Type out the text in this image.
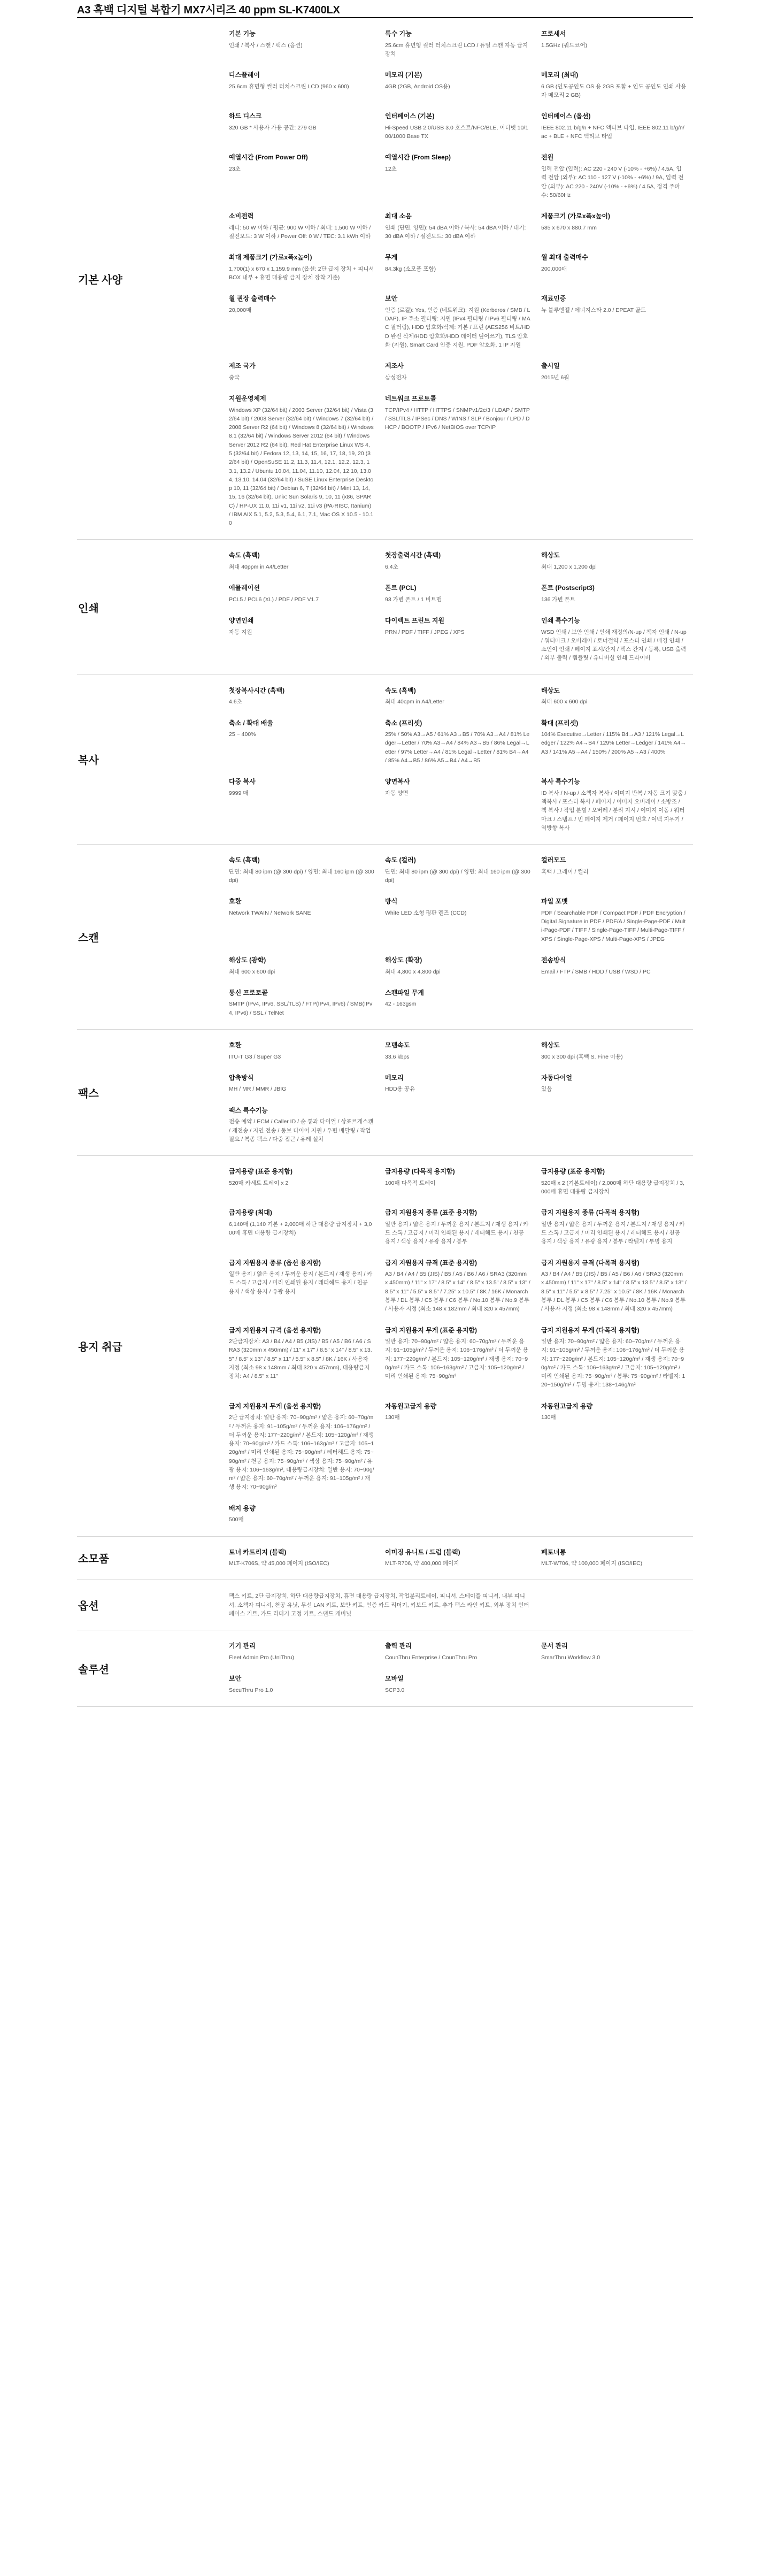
A3 흑백 디지털 복합기 MX7시리즈 40 ppm SL-K7400LX
기본 사양
기본 기능
인쇄 / 복사 / 스캔 / 팩스 (옵션)
특수 기능
25.6cm 휴면형 컬러 터치스크린 LCD / 듀얼 스캔 자동 급지 장치
프로세서
1.5GHz (쿼드코어)
디스플레이
25.6cm 휴면형 컬러 터치스크린 LCD (960 x 600)
메모리 (기본)
4GB (2GB, Android OS용)
메모리 (최대)
6 GB (인도공인도 OS 용 2GB 포함 + 인도 공인도 인쇄 사용자 메모리 2 GB)
하드 디스크
320 GB * 사용자 가용 공간: 279 GB
인터페이스 (기본)
Hi-Speed USB 2.0/USB 3.0 호스트/NFC/BLE, 이더넷 10/100/1000 Base TX
인터페이스 (옵션)
IEEE 802.11 b/g/n + NFC 액티브 타입, IEEE 802.11 b/g/n/ac + BLE + NFC 액티브 타입
예열시간 (From Power Off)
23초
예열시간 (From Sleep)
12초
전원
입력 전압 (입력): AC 220 - 240 V (-10% - +6%) / 4.5A, 입력 전압 (외부): AC 110 - 127 V (-10% - +6%) / 9A, 입력 전압 (외부): AC 220 - 240V (-10% - +6%) / 4.5A, 정격 주파수: 50/60Hz
소비전력
레디: 50 W 이하 / 평균: 900 W 이하 / 최대: 1,500 W 이하 / 절전모드: 3 W 이하 / Power Off: 0 W / TEC: 3.1 kWh 이하
최대 소음
인쇄 (단면, 양면): 54 dBA 이하 / 복사: 54 dBA 이하 / 대기: 30 dBA 이하 / 절전모드: 30 dBA 이하
제품크기 (가로x폭x높이)
585 x 670 x 880.7 mm
최대 제품크기 (가로x폭x높이)
1,700(1) x 670 x 1,159.9 mm (옵션: 2단 급지 장치 + 피니셔 BOX 내부 + 휴면 대용량 급지 장치 장착 기준)
무게
84.3kg (소모품 포함)
월 최대 출력매수
200,000매
월 권장 출력매수
20,000매
보안
인증 (로컬): Yes, 인증 (네트워크): 지원 (Kerberos / SMB / LDAP), IP 주소 필터링: 지원 (IPv4 필터링 / IPv6 필터링 / MAC 필터링), HDD 암호화/삭제: 기본 / 프린 (AES256 비트/HDD 완전 삭제/HDD 암호화/HDD 데이터 덮어쓰기), TLS 암호화 (지원), Smart Card 인증 지원, PDF 암호화, 1 IP 지원
재료인증
뉴 블루엔젤 / 에너지스타 2.0 / EPEAT 골드
제조 국가
중국
제조사
삼성전자
출시일
2015년 6월
지원운영체제
Windows XP (32/64 bit) / 2003 Server (32/64 bit) / Vista (32/64 bit) / 2008 Server (32/64 bit) / Windows 7 (32/64 bit) / 2008 Server R2 (64 bit) / Windows 8 (32/64 bit) / Windows 8.1 (32/64 bit) / Windows Server 2012 (64 bit) / Windows Server 2012 R2 (64 bit), Red Hat Enterprise Linux WS 4, 5 (32/64 bit) / Fedora 12, 13, 14, 15, 16, 17, 18, 19, 20 (32/64 bit) / OpenSuSE 11.2, 11.3, 11.4, 12.1, 12.2, 12.3, 13.1, 13.2 / Ubuntu 10.04, 11.04, 11.10, 12.04, 12.10, 13.04, 13.10, 14.04 (32/64 bit) / SuSE Linux Enterprise Desktop 10, 11 (32/64 bit) / Debian 6, 7 (32/64 bit) / Mint 13, 14, 15, 16 (32/64 bit), Unix: Sun Solaris 9, 10, 11 (x86, SPARC) / HP-UX 11.0, 11i v1, 11i v2, 11i v3 (PA-RISC, Itanium) / IBM AIX 5.1, 5.2, 5.3, 5.4, 6.1, 7.1, Mac OS X 10.5 - 10.10
네트워크 프로토콜
TCP/IPv4 / HTTP / HTTPS / SNMPv1/2c/3 / LDAP / SMTP / SSL/TLS / IPSec / DNS / WINS / SLP / Bonjour / LPD / DHCP / BOOTP / IPv6 / NetBIOS over TCP/IP
인쇄
속도 (흑백)
최대 40ppm in A4/Letter
첫장출력시간 (흑백)
6.4초
해상도
최대 1,200 x 1,200 dpi
에뮬레이션
PCL5 / PCL6 (XL) / PDF / PDF V1.7
폰트 (PCL)
93 가변 폰트 / 1 비트맵
폰트 (Postscript3)
136 가변 폰트
양면인쇄
자동 지원
다이렉트 프린트 지원
PRN / PDF / TIFF / JPEG / XPS
인쇄 특수기능
WSD 인쇄 / 보안 인쇄 / 인쇄 재정의/N-up / 책자 인쇄 / N-up / 워터마크 / 오버레이 / 토너절약 / 포스터 인쇄 / 배경 인쇄 / 소인이 인쇄 / 페이지 표시/간지 / 팩스 간지 / 등록, USB 출력 / 외부 출력 / 템플릿 / 유니버셜 인쇄 드라이버
복사
첫장복사시간 (흑백)
4.6초
속도 (흑백)
최대 40cpm in A4/Letter
해상도
최대 600 x 600 dpi
축소 / 확대 배율
25 ~ 400%
축소 (프리셋)
25% / 50% A3→A5 / 61% A3→B5 / 70% A3→A4 / 81% Ledger→Letter / 70% A3→A4 / 84% A3→B5 / 86% Legal→Letter / 97% Letter→A4 / 81% Legal→Letter / 81% B4→A4 / 85% A4→B5 / 86% A5→B4 / A4→B5
확대 (프리셋)
104% Executive→Letter / 115% B4→A3 / 121% Legal→Ledger / 122% A4→B4 / 129% Letter→Ledger / 141% A4→A3 / 141% A5→A4 / 150% / 200% A5→A3 / 400%
다중 복사
9999 매
양면복사
자동 양면
복사 특수기능
ID 복사 / N-up / 소책자 복사 / 이미지 반복 / 자동 크기 맞춤 / 책복사 / 포스터 복사 / 페이지 / 이미지 오버레이 / 소방조 / 책 복사 / 작업 분할 / 오버레 / 분리 지시 / 이미지 이동 / 워터마크 / 스탬프 / 빈 페이지 제거 / 페이지 번호 / 여백 지우기 / 역방향 복사
스캔
속도 (흑백)
단면: 최대 80 ipm (@ 300 dpi) / 양면: 최대 160 ipm (@ 300 dpi)
속도 (컬러)
단면: 최대 80 ipm (@ 300 dpi) / 양면: 최대 160 ipm (@ 300 dpi)
컬러모드
흑백 / 그레이 / 컬러
호환
Network TWAIN / Network SANE
방식
White LED 소형 평판 렌즈 (CCD)
파일 포맷
PDF / Searchable PDF / Compact PDF / PDF Encryption / Digital Signature in PDF / PDF/A / Single-Page-PDF / Multi-Page-PDF / TIFF / Single-Page-TIFF / Multi-Page-TIFF / XPS / Single-Page-XPS / Multi-Page-XPS / JPEG
해상도 (광학)
최대 600 x 600 dpi
해상도 (확장)
최대 4,800 x 4,800 dpi
전송방식
Email / FTP / SMB / HDD / USB / WSD / PC
통신 프로토콜
SMTP (IPv4, IPv6, SSL/TLS) / FTP(IPv4, IPv6) / SMB(IPv4, IPv6) / SSL / TelNet
스캔파일 무게
42 - 163gsm
팩스
호환
ITU-T G3 / Super G3
모뎀속도
33.6 kbps
해상도
300 x 300 dpi (흑백 S. Fine 이용)
압축방식
MH / MR / MMR / JBIG
메모리
HDD용 공유
자동다이얼
있음
팩스 특수기능
전송 예약 / ECM / Caller ID / 순 통과 다이얼 / 상표르게스캔 / 재전송 / 지연 전송 / 동보 다이어 지원 / 우편 배달링 / 작업 필요 / 복종 팩스 / 다중 접근 / 유레 설치
용지 취급
급지용량 (표준 용지함)
520매 카세트 트레이 x 2
급지용량 (다목적 용지함)
100매 다목적 트레이
급지용량 (표준 용지함)
520매 x 2 (기본트레이) / 2,000매 하단 대용량 급지장치 / 3,000매 휴면 대용량 급지장치
급지용량 (최대)
6,140매 (1,140 기본 + 2,000매 하단 대용량 급지장치 + 3,000매 휴면 대용량 급지장치)
급지 지원용지 종류 (표준 용지함)
일반 용지 / 얇은 용지 / 두꺼운 용지 / 본드지 / 재생 용지 / 카드 스톡 / 고급지 / 미리 인쇄된 용지 / 레터헤드 용지 / 천공 용지 / 색상 용지 / 유광 용지 / 봉투
급지 지원용지 종류 (다목적 용지함)
일반 용지 / 얇은 용지 / 두꺼운 용지 / 본드지 / 재생 용지 / 카드 스톡 / 고급지 / 미리 인쇄된 용지 / 레터헤드 용지 / 천공 용지 / 색상 용지 / 유광 용지 / 봉투 / 라벨지 / 투명 용지
급지 지원용지 종류 (옵션 용지함)
일반 용지 / 얇은 용지 / 두꺼운 용지 / 본드지 / 재생 용지 / 카드 스톡 / 고급지 / 미리 인쇄된 용지 / 레터헤드 용지 / 천공 용지 / 색상 용지 / 유광 용지
급지 지원용지 규격 (표준 용지함)
A3 / B4 / A4 / B5 (JIS) / B5 / A5 / B6 / A6 / SRA3 (320mm x 450mm) / 11" x 17" / 8.5" x 14" / 8.5" x 13.5" / 8.5" x 13" / 8.5" x 11" / 5.5" x 8.5" / 7.25" x 10.5" / 8K / 16K / Monarch 봉투 / DL 봉투 / C5 봉투 / C6 봉투 / No.10 봉투 / No.9 봉투 / 사용자 지정 (최소 148 x 182mm / 최대 320 x 457mm)
급지 지원용지 규격 (다목적 용지함)
A3 / B4 / A4 / B5 (JIS) / B5 / A5 / B6 / A6 / SRA3 (320mm x 450mm) / 11" x 17" / 8.5" x 14" / 8.5" x 13.5" / 8.5" x 13" / 8.5" x 11" / 5.5" x 8.5" / 7.25" x 10.5" / 8K / 16K / Monarch 봉투 / DL 봉투 / C5 봉투 / C6 봉투 / No.10 봉투 / No.9 봉투 / 사용자 지정 (최소 98 x 148mm / 최대 320 x 457mm)
급지 지원용지 규격 (옵션 용지함)
2단급지장치: A3 / B4 / A4 / B5 (JIS) / B5 / A5 / B6 / A6 / SRA3 (320mm x 450mm) / 11" x 17" / 8.5" x 14" / 8.5" x 13.5" / 8.5" x 13" / 8.5" x 11" / 5.5" x 8.5" / 8K / 16K / 사용자 지정 (최소 98 x 148mm / 최대 320 x 457mm), 대용량급지장치: A4 / 8.5" x 11"
급지 지원용지 무게 (표준 용지함)
일반 용지: 70~90g/m² / 얇은 용지: 60~70g/m² / 두꺼운 용지: 91~105g/m² / 두꺼운 용지: 106~176g/m² / 더 두꺼운 용지: 177~220g/m² / 본드지: 105~120g/m² / 재생 용지: 70~90g/m² / 카드 스톡: 106~163g/m² / 고급지: 105~120g/m² / 미리 인쇄된 용지: 75~90g/m²
급지 지원용지 무게 (다목적 용지함)
일반 용지: 70~90g/m² / 얇은 용지: 60~70g/m² / 두꺼운 용지: 91~105g/m² / 두꺼운 용지: 106~176g/m² / 더 두꺼운 용지: 177~220g/m² / 본드지: 105~120g/m² / 재생 용지: 70~90g/m² / 카드 스톡: 106~163g/m² / 고급지: 105~120g/m² / 미리 인쇄된 용지: 75~90g/m² / 봉투: 75~90g/m² / 라벨지: 120~150g/m² / 투명 용지: 138~146g/m²
급지 지원용지 무게 (옵션 용지함)
2단 급지장치: 일반 용지: 70~90g/m² / 얇은 용지: 60~70g/m² / 두꺼운 용지: 91~105g/m² / 두꺼운 용지: 106~176g/m² / 더 두꺼운 용지: 177~220g/m² / 본드지: 105~120g/m² / 재생 용지: 70~90g/m² / 카드 스톡: 106~163g/m² / 고급지: 105~120g/m² / 미리 인쇄된 용지: 75~90g/m² / 레터헤드 용지: 75~90g/m² / 천공 용지: 75~90g/m² / 색상 용지: 75~90g/m² / 유광 용지: 106~163g/m², 대용량급지장치: 일반 용지: 70~90g/m² / 얇은 용지: 60~70g/m² / 두꺼운 용지: 91~105g/m² / 재생 용지: 70~90g/m²
자동원고급지 용량
130매
자동원고급지 용량
130매
배지 용량
500매
소모품
토너 카트리지 (블랙)
MLT-K706S, 약 45,000 페이지 (ISO/IEC)
이미징 유니트 / 드럼 (블랙)
MLT-R706, 약 400,000 페이지
폐토너통
MLT-W706, 약 100,000 페이지 (ISO/IEC)
옵션
팩스 키트, 2단 급지장치, 하단 대용량급지장치, 휴면 대용량 급지장치, 작업분리트레이, 피니셔, 스테이플 피니셔, 내부 피니셔, 소책자 피니셔, 천공 유닛, 무선 LAN 키트, 보안 키트, 인증 카드 리더기, 키보드 키트, 추가 팩스 라인 키트, 외부 장치 인터페이스 키트, 카드 리더기 고정 키트, 스탠드 캐비닛
솔루션
기기 관리
Fleet Admin Pro (UniThru)
출력 관리
CounThru Enterprise / CounThru Pro
문서 관리
SmarThru Workflow 3.0
보안
SecuThru Pro 1.0
모바일
SCP3.0
